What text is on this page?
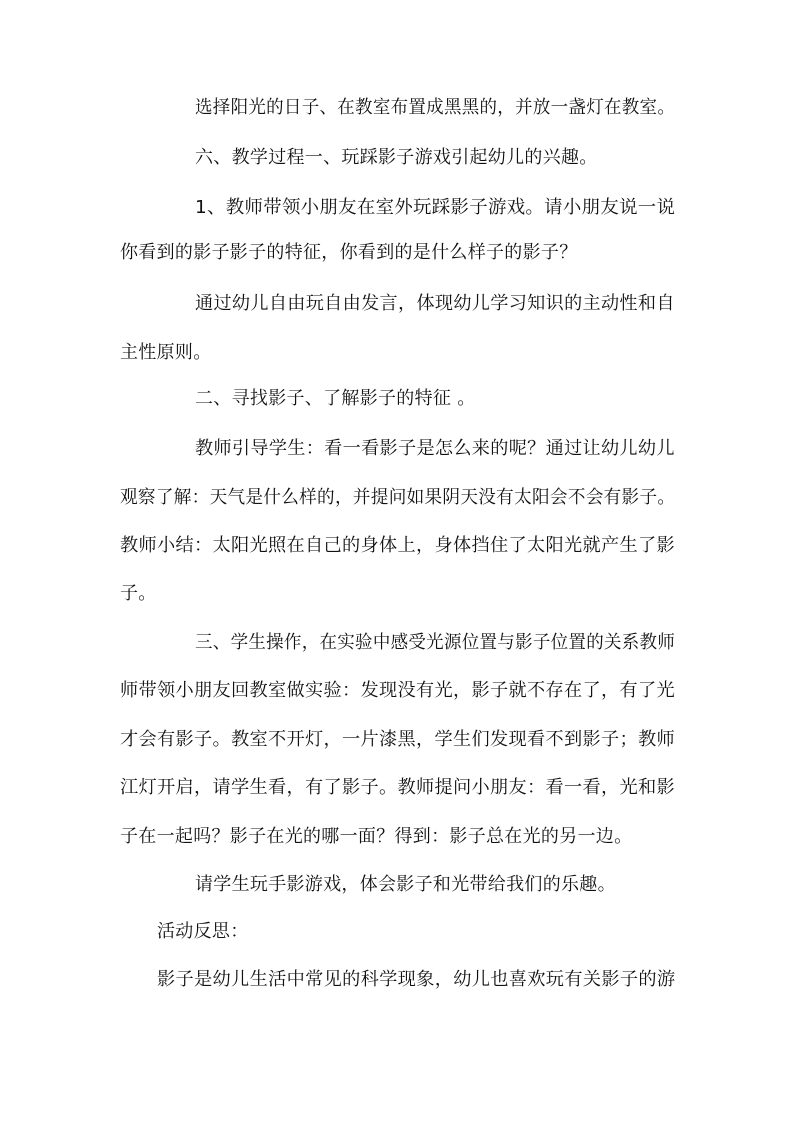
选择阳光的日子、在教室布置成黑黑的，并放一盏灯在教室。
六、教学过程一、玩踩影子游戏引起幼儿的兴趣。
1、教师带领小朋友在室外玩踩影子游戏。请小朋友说一说
你看到的影子影子的特征，你看到的是什么样子的影子？
通过幼儿自由玩自由发言，体现幼儿学习知识的主动性和自
主性原则。
二、寻找影子、了解影子的特征 。
教师引导学生：看一看影子是怎么来的呢？通过让幼儿幼儿
观察了解：天气是什么样的，并提问如果阴天没有太阳会不会有影子。
教师小结：太阳光照在自己的身体上，身体挡住了太阳光就产生了影
子。
三、学生操作，在实验中感受光源位置与影子位置的关系教师
师带领小朋友回教室做实验：发现没有光，影子就不存在了，有了光
才会有影子。教室不开灯，一片漆黑，学生们发现看不到影子；教师
江灯开启，请学生看，有了影子。教师提问小朋友：看一看，光和影
子在一起吗？影子在光的哪一面？得到：影子总在光的另一边。
请学生玩手影游戏，体会影子和光带给我们的乐趣。
活动反思：
影子是幼儿生活中常见的科学现象，幼儿也喜欢玩有关影子的游
